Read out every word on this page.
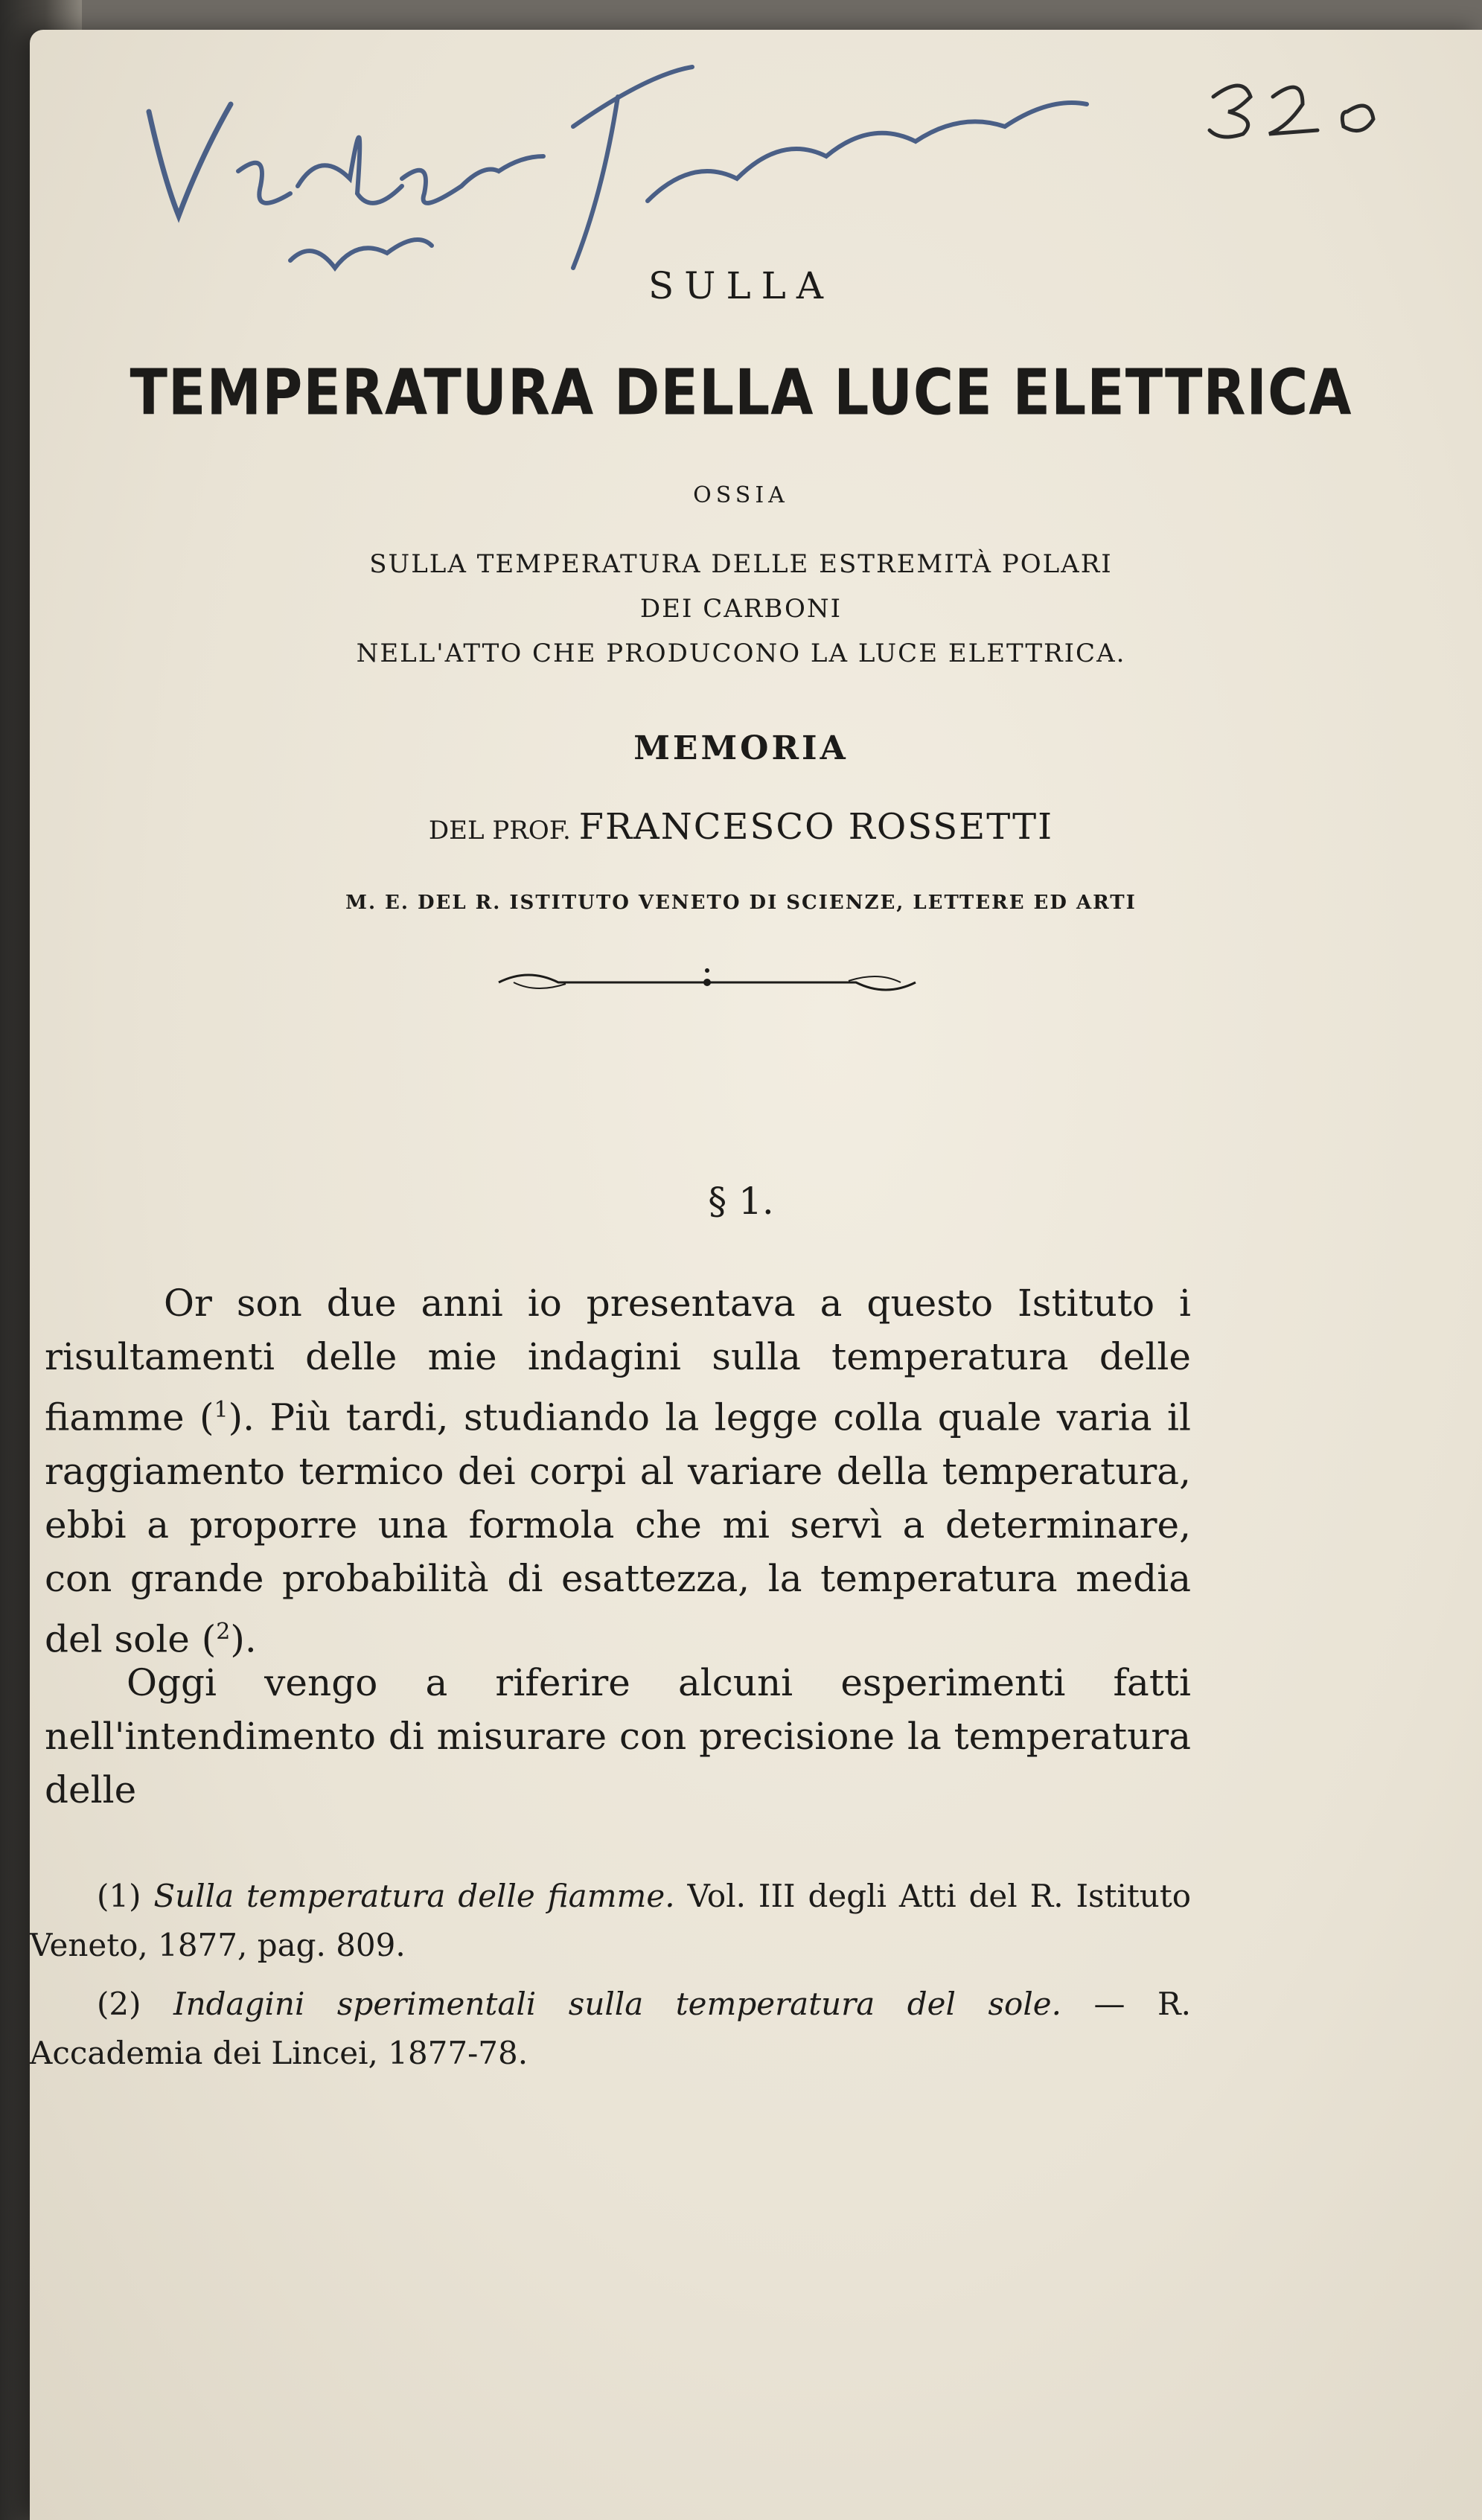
SULLA
TEMPERATURA DELLA LUCE ELETTRICA
OSSIA
SULLA TEMPERATURA DELLE ESTREMITÀ POLARI
DEI CARBONI
NELL'ATTO CHE PRODUCONO LA LUCE ELETTRICA.
MEMORIA
DEL PROF. FRANCESCO ROSSETTI
M. E. DEL R. ISTITUTO VENETO DI SCIENZE, LETTERE ED ARTI
§ 1.
Or son due anni io presentava a questo Istituto i risultamenti delle mie indagini sulla temperatura delle fiamme ($^1$). Più tardi, studiando la legge colla quale varia il raggiamento termico dei corpi al variare della temperatura, ebbi a proporre una formola che mi servì a determinare, con grande probabilità di esattezza, la temperatura media del sole ($^2$).
Oggi vengo a riferire alcuni esperimenti fatti nell'intendimento di misurare con precisione la temperatura delle
(1) Sulla temperatura delle fiamme. Vol. III degli Atti del R. Istituto Veneto, 1877, pag. 809.
(2) Indagini sperimentali sulla temperatura del sole. — R. Accademia dei Lincei, 1877-78.
